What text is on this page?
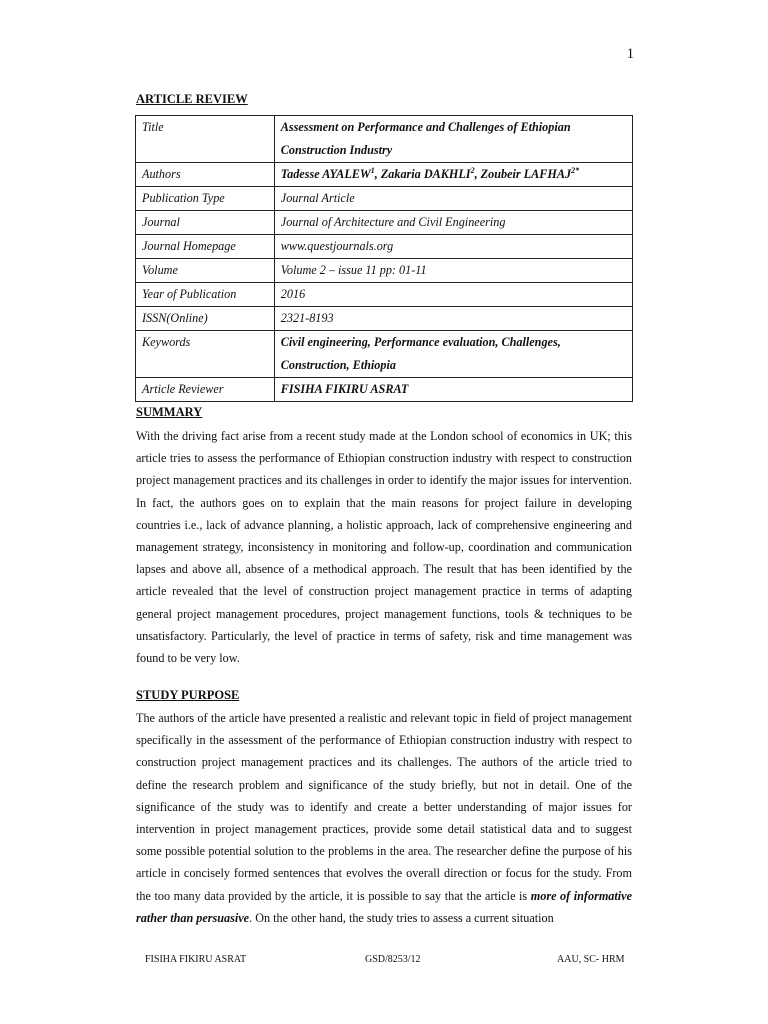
1
ARTICLE REVIEW
Title	Assessment on Performance and Challenges of Ethiopian Construction Industry
Authors	Tadesse AYALEW$^1$, Zakaria DAKHLI$^2$, Zoubeir $LAFHAJ^{2*}$
Publication Type	Journal Article
Journal	Journal of Architecture and Civil Engineering
Journal Homepage	www.questjournals.org
Volume	Volume 2 – issue 11 pp: 01-11
Year of Publication	2016
ISSN(Online)	2321-8193
Keywords	Civil engineering, Performance evaluation, Challenges, Construction, Ethiopia
Article Reviewer	FISIHA FIKIRU ASRAT
SUMMARY

With the driving fact arise from a recent study made at the London school of economics in UK; this article tries to assess the performance of Ethiopian construction industry with respect to construction project management practices and its challenges in order to identify the major issues for intervention. In fact, the authors goes on to explain that the main reasons for project failure in developing countries i.e., lack of advance planning, a holistic approach, lack of comprehensive engineering and management strategy, inconsistency in monitoring and follow-up, coordination and communication lapses and above all, absence of a methodical approach. The result that has been identified by the article revealed that the level of construction project management practice in terms of adapting general project management procedures, project management functions, tools & techniques to be unsatisfactory. Particularly, the level of practice in terms of safety, risk and time management was found to be very low.

STUDY PURPOSE

The authors of the article have presented a realistic and relevant topic in field of project management specifically in the assessment of the performance of Ethiopian construction industry with respect to construction project management practices and its challenges. The authors of the article tried to define the research problem and significance of the study briefly, but not in detail. One of the significance of the study was to identify and create a better understanding of major issues for intervention in project management practices, provide some detail statistical data and to suggest some possible potential solution to the problems in the area. The researcher define the purpose of his article in concisely formed sentences that evolves the overall direction or focus for the study. From the too many data provided by the article, it is possible to say that the article is more of informative rather than persuasive. On the other hand, the study tries to assess a current situation

FISIHA FIKIRU ASRAT	GSD/8253/12	AAU, SC- HRM
